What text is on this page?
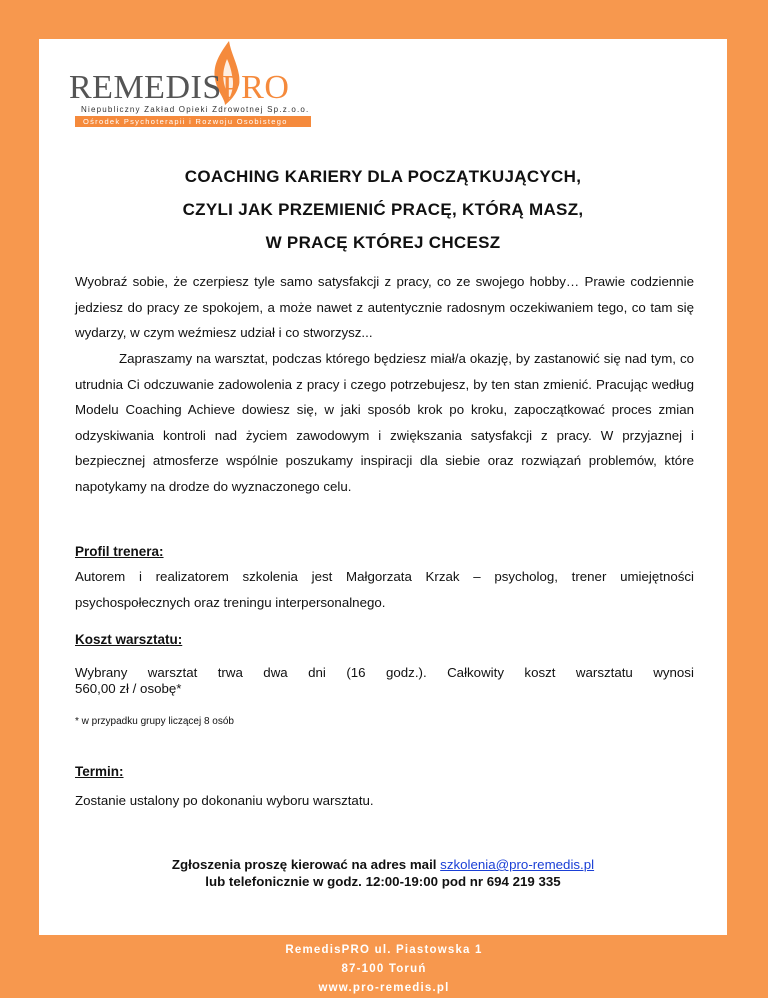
REMEDISPRO
Niepubliczny Zakład Opieki Zdrowotnej Sp.z.o.o.
Ośrodek Psychoterapii i Rozwoju Osobistego
COACHING KARIERY DLA POCZĄTKUJĄCYCH,
CZYLI JAK PRZEMIENIĆ PRACĘ, KTÓRĄ MASZ,
W PRACĘ KTÓREJ CHCESZ
Wyobraź sobie, że czerpiesz tyle samo satysfakcji z pracy, co ze swojego hobby… Prawie codziennie jedziesz do pracy ze spokojem, a może nawet z autentycznie radosnym oczekiwaniem tego, co tam się wydarzy, w czym weźmiesz udział i co stworzysz...
Zapraszamy na warsztat, podczas którego będziesz miał/a okazję, by zastanowić się nad tym, co utrudnia Ci odczuwanie zadowolenia z pracy i czego potrzebujesz, by ten stan zmienić. Pracując według Modelu Coaching Achieve dowiesz się, w jaki sposób krok po kroku, zapoczątkować proces zmian odzyskiwania kontroli nad życiem zawodowym i zwiększania satysfakcji z pracy. W przyjaznej i bezpiecznej atmosferze wspólnie poszukamy inspiracji dla siebie oraz rozwiązań problemów, które napotykamy na drodze do wyznaczonego celu.
Profil trenera:
Autorem i realizatorem szkolenia jest Małgorzata Krzak – psycholog, trener umiejętności psychospołecznych oraz treningu interpersonalnego.
Koszt warsztatu:
Wybrany warsztat trwa dwa dni (16 godz.). Całkowity koszt warsztatu wynosi
560,00 zł / osobę*
* w przypadku grupy liczącej 8 osób
Termin:
Zostanie ustalony po dokonaniu wyboru warsztatu.
Zgłoszenia proszę kierować na adres mail szkolenia@pro-remedis.pl
lub telefonicznie w godz. 12:00-19:00 pod nr 694 219 335
RemedisPRO ul. Piastowska 1
87-100 Toruń
www.pro-remedis.pl
